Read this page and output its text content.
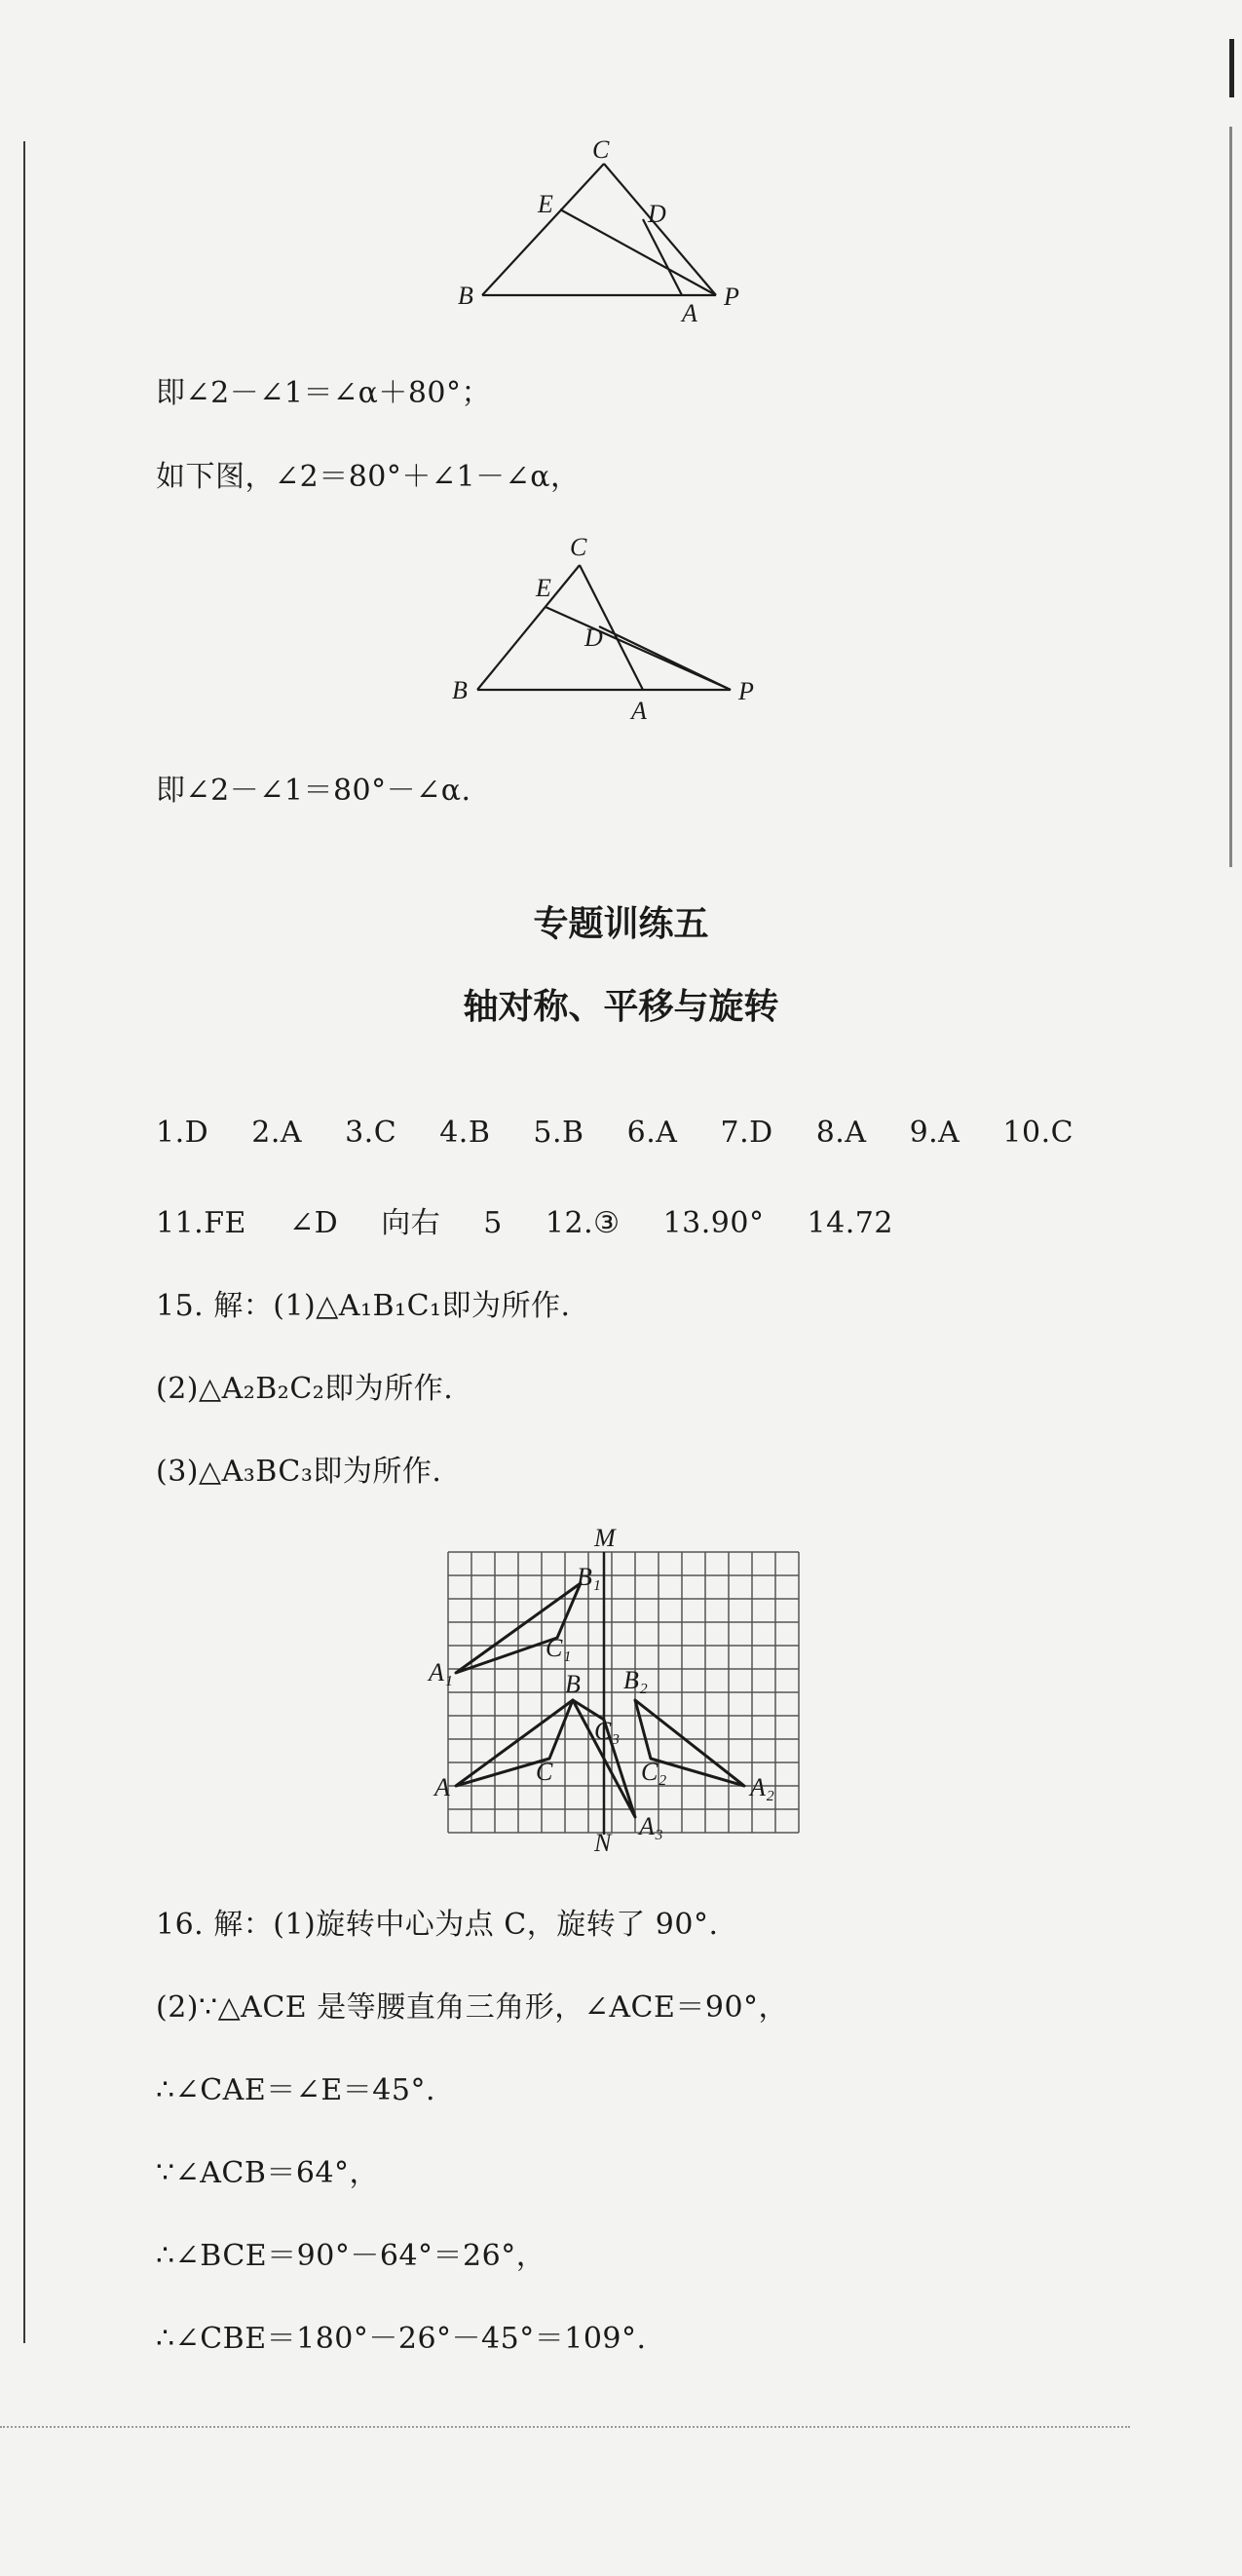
C
E	D
B
A
P
即∠2－∠1＝∠α＋80°；
如下图，∠2＝80°＋∠1－∠α，
C
E
D
B
A
P
即∠2－∠1＝80°－∠α.
专题训练五
轴对称、平移与旋转
1.D 2.A 3.C 4.B 5.B 6.A 7.D 8.A 9.A 10.C
11.FE ∠D 向右 5 12.③ 13.90° 14.72
15. 解：(1)△A₁B₁C₁即为所作.
(2)△A₂B₂C₂即为所作.
(3)△A₃BC₃即为所作.
M
N
B₁
C₁
A₁	B B₂
C₃
C	C₂
A	A₂
A₃
16. 解：(1)旋转中心为点 C，旋转了 90°.
(2)∵△ACE 是等腰直角三角形，∠ACE＝90°，
∴∠CAE＝∠E＝45°.
∵∠ACB＝64°，
∴∠BCE＝90°－64°＝26°，
∴∠CBE＝180°－26°－45°＝109°.
